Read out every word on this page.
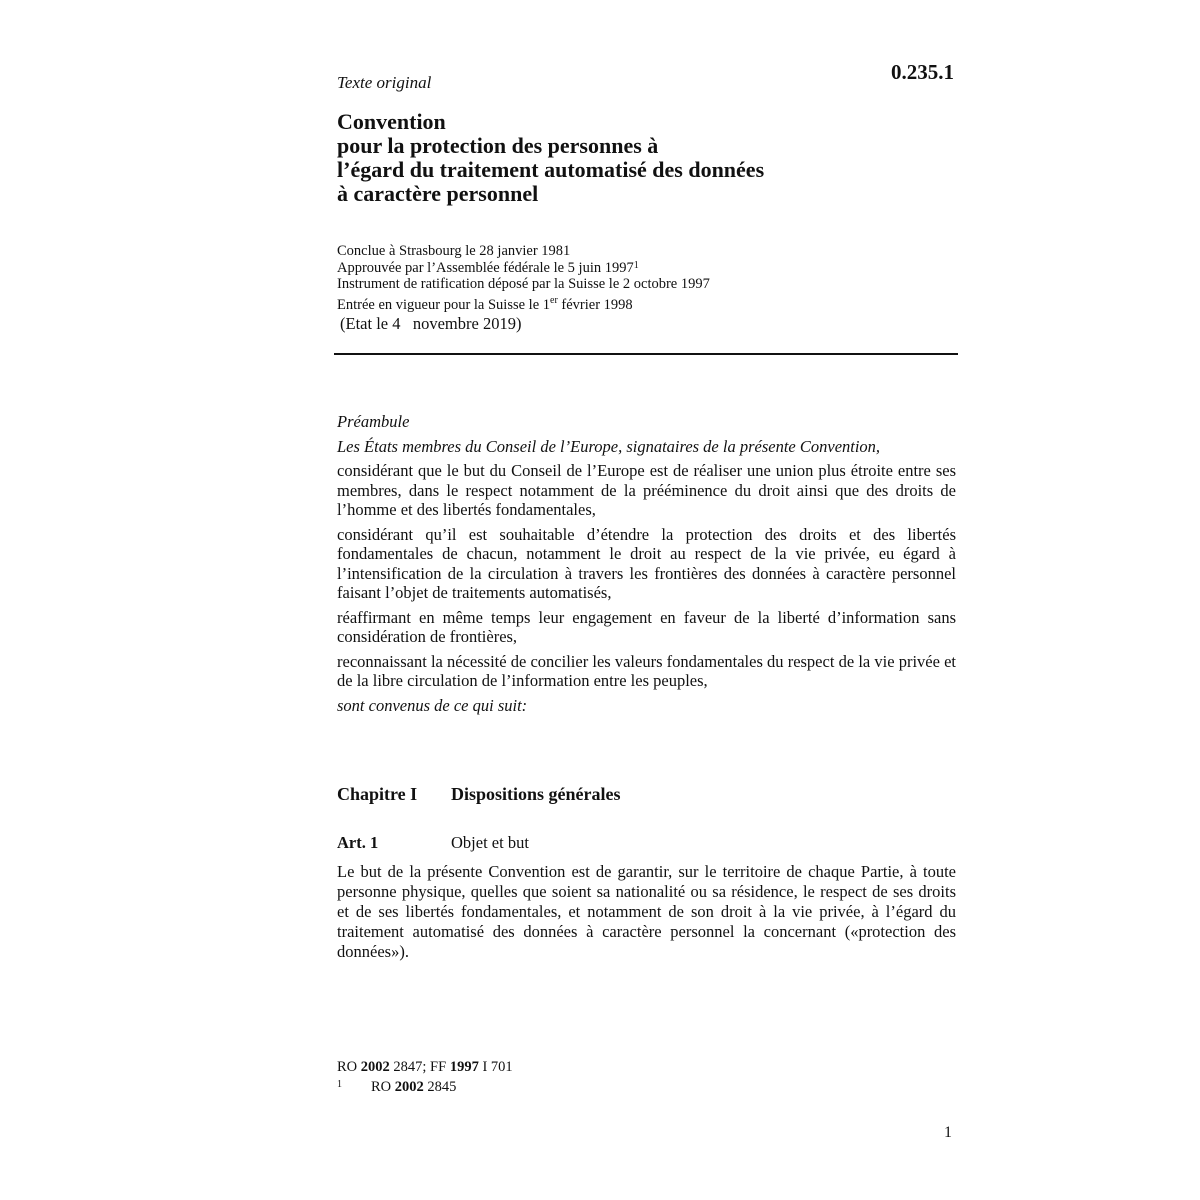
0.235.1
Texte original
Convention
pour la protection des personnes à
l’égard du traitement automatisé des données
à caractère personnel
Conclue à Strasbourg le 28 janvier 1981
Approuvée par l’Assemblée fédérale le 5 juin 1997$^1$
Instrument de ratification déposé par la Suisse le 2 octobre 1997
Entrée en vigueur pour la Suisse le 1er février 1998
(Etat le 4   novembre 2019)

Préambule

Les États membres du Conseil de l’Europe, signataires de la présente Convention,

considérant que le but du Conseil de l’Europe est de réaliser une union plus étroite entre ses membres, dans le respect notamment de la prééminence du droit ainsi que des droits de l’homme et des libertés fondamentales,

considérant qu’il est souhaitable d’étendre la protection des droits et des libertés fondamentales de chacun, notamment le droit au respect de la vie privée, eu égard à l’intensification de la circulation à travers les frontières des données à caractère personnel faisant l’objet de traitements automatisés,

réaffirmant en même temps leur engagement en faveur de la liberté d’information sans considération de frontières,

reconnaissant la nécessité de concilier les valeurs fondamentales du respect de la vie privée et de la libre circulation de l’information entre les peuples,

sont convenus de ce qui suit:

Chapitre I Dispositions générales
Art. 1	Objet et but

Le but de la présente Convention est de garantir, sur le territoire de chaque Partie, à toute personne physique, quelles que soient sa nationalité ou sa résidence, le respect de ses droits et de ses libertés fondamentales, et notamment de son droit à la vie privée, à l’égard du traitement automatisé des données à caractère personnel la concernant («protection des données»).

RO 2002 2847; FF 1997 I 701
$^1$ RO 2002 2845
1
